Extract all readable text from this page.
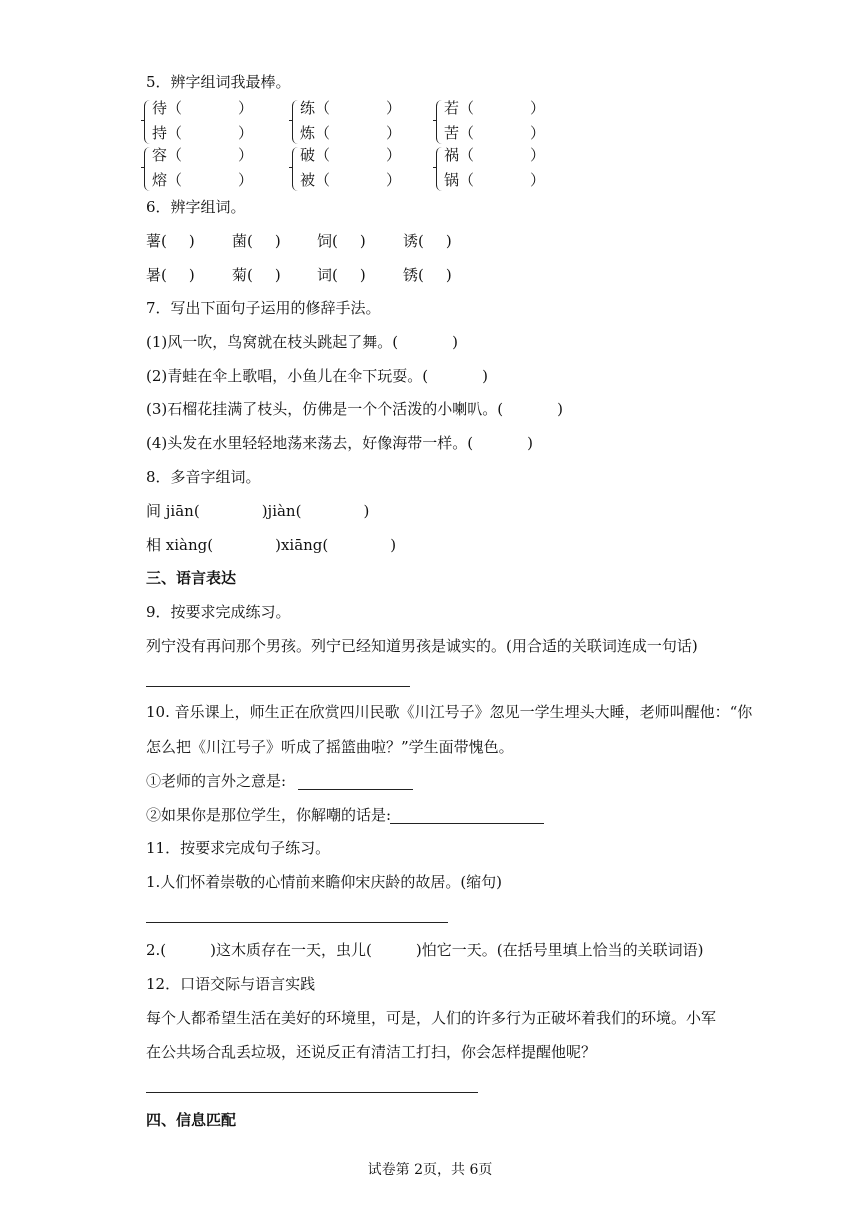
5．辨字组词我最棒。
待（	）
持（	）
练（	）
炼（	）
若（	）
苦（	）
容（	）
熔（	）
破（	）
被（	）
祸（	）
锅（	）
6．辨字组词。
薯( ) 菌( ) 饲( ) 诱( )
暑( ) 菊( ) 词( ) 锈( )
7．写出下面句子运用的修辞手法。
(1)风一吹，鸟窝就在枝头跳起了舞。(	)
(2)青蛙在伞上歌唱，小鱼儿在伞下玩耍。(	)
(3)石榴花挂满了枝头，仿佛是一个个活泼的小喇叭。(	)
(4)头发在水里轻轻地荡来荡去，好像海带一样。(	)
8．多音字组词。
间 jiān(	)jiàn(	)
相 xiàng(	)xiāng(	)
三、语言表达
9．按要求完成练习。
列宁没有再问那个男孩。列宁已经知道男孩是诚实的。(用合适的关联词连成一句话)
10. 音乐课上，师生正在欣赏四川民歌《川江号子》忽见一学生埋头大睡，老师叫醒他：“你
怎么把《川江号子》听成了摇篮曲啦？”学生面带愧色。
①老师的言外之意是:
②如果你是那位学生，你解嘲的话是:
11．按要求完成句子练习。
1.人们怀着崇敬的心情前来瞻仰宋庆龄的故居。(缩句)
2.(	)这木质存在一天，虫儿(	)怕它一天。(在括号里填上恰当的关联词语)
12．口语交际与语言实践
每个人都希望生活在美好的环境里，可是，人们的许多行为正破坏着我们的环境。小军
在公共场合乱丢垃圾，还说反正有清洁工打扫，你会怎样提醒他呢？
四、信息匹配
试卷第 2页，共 6页
